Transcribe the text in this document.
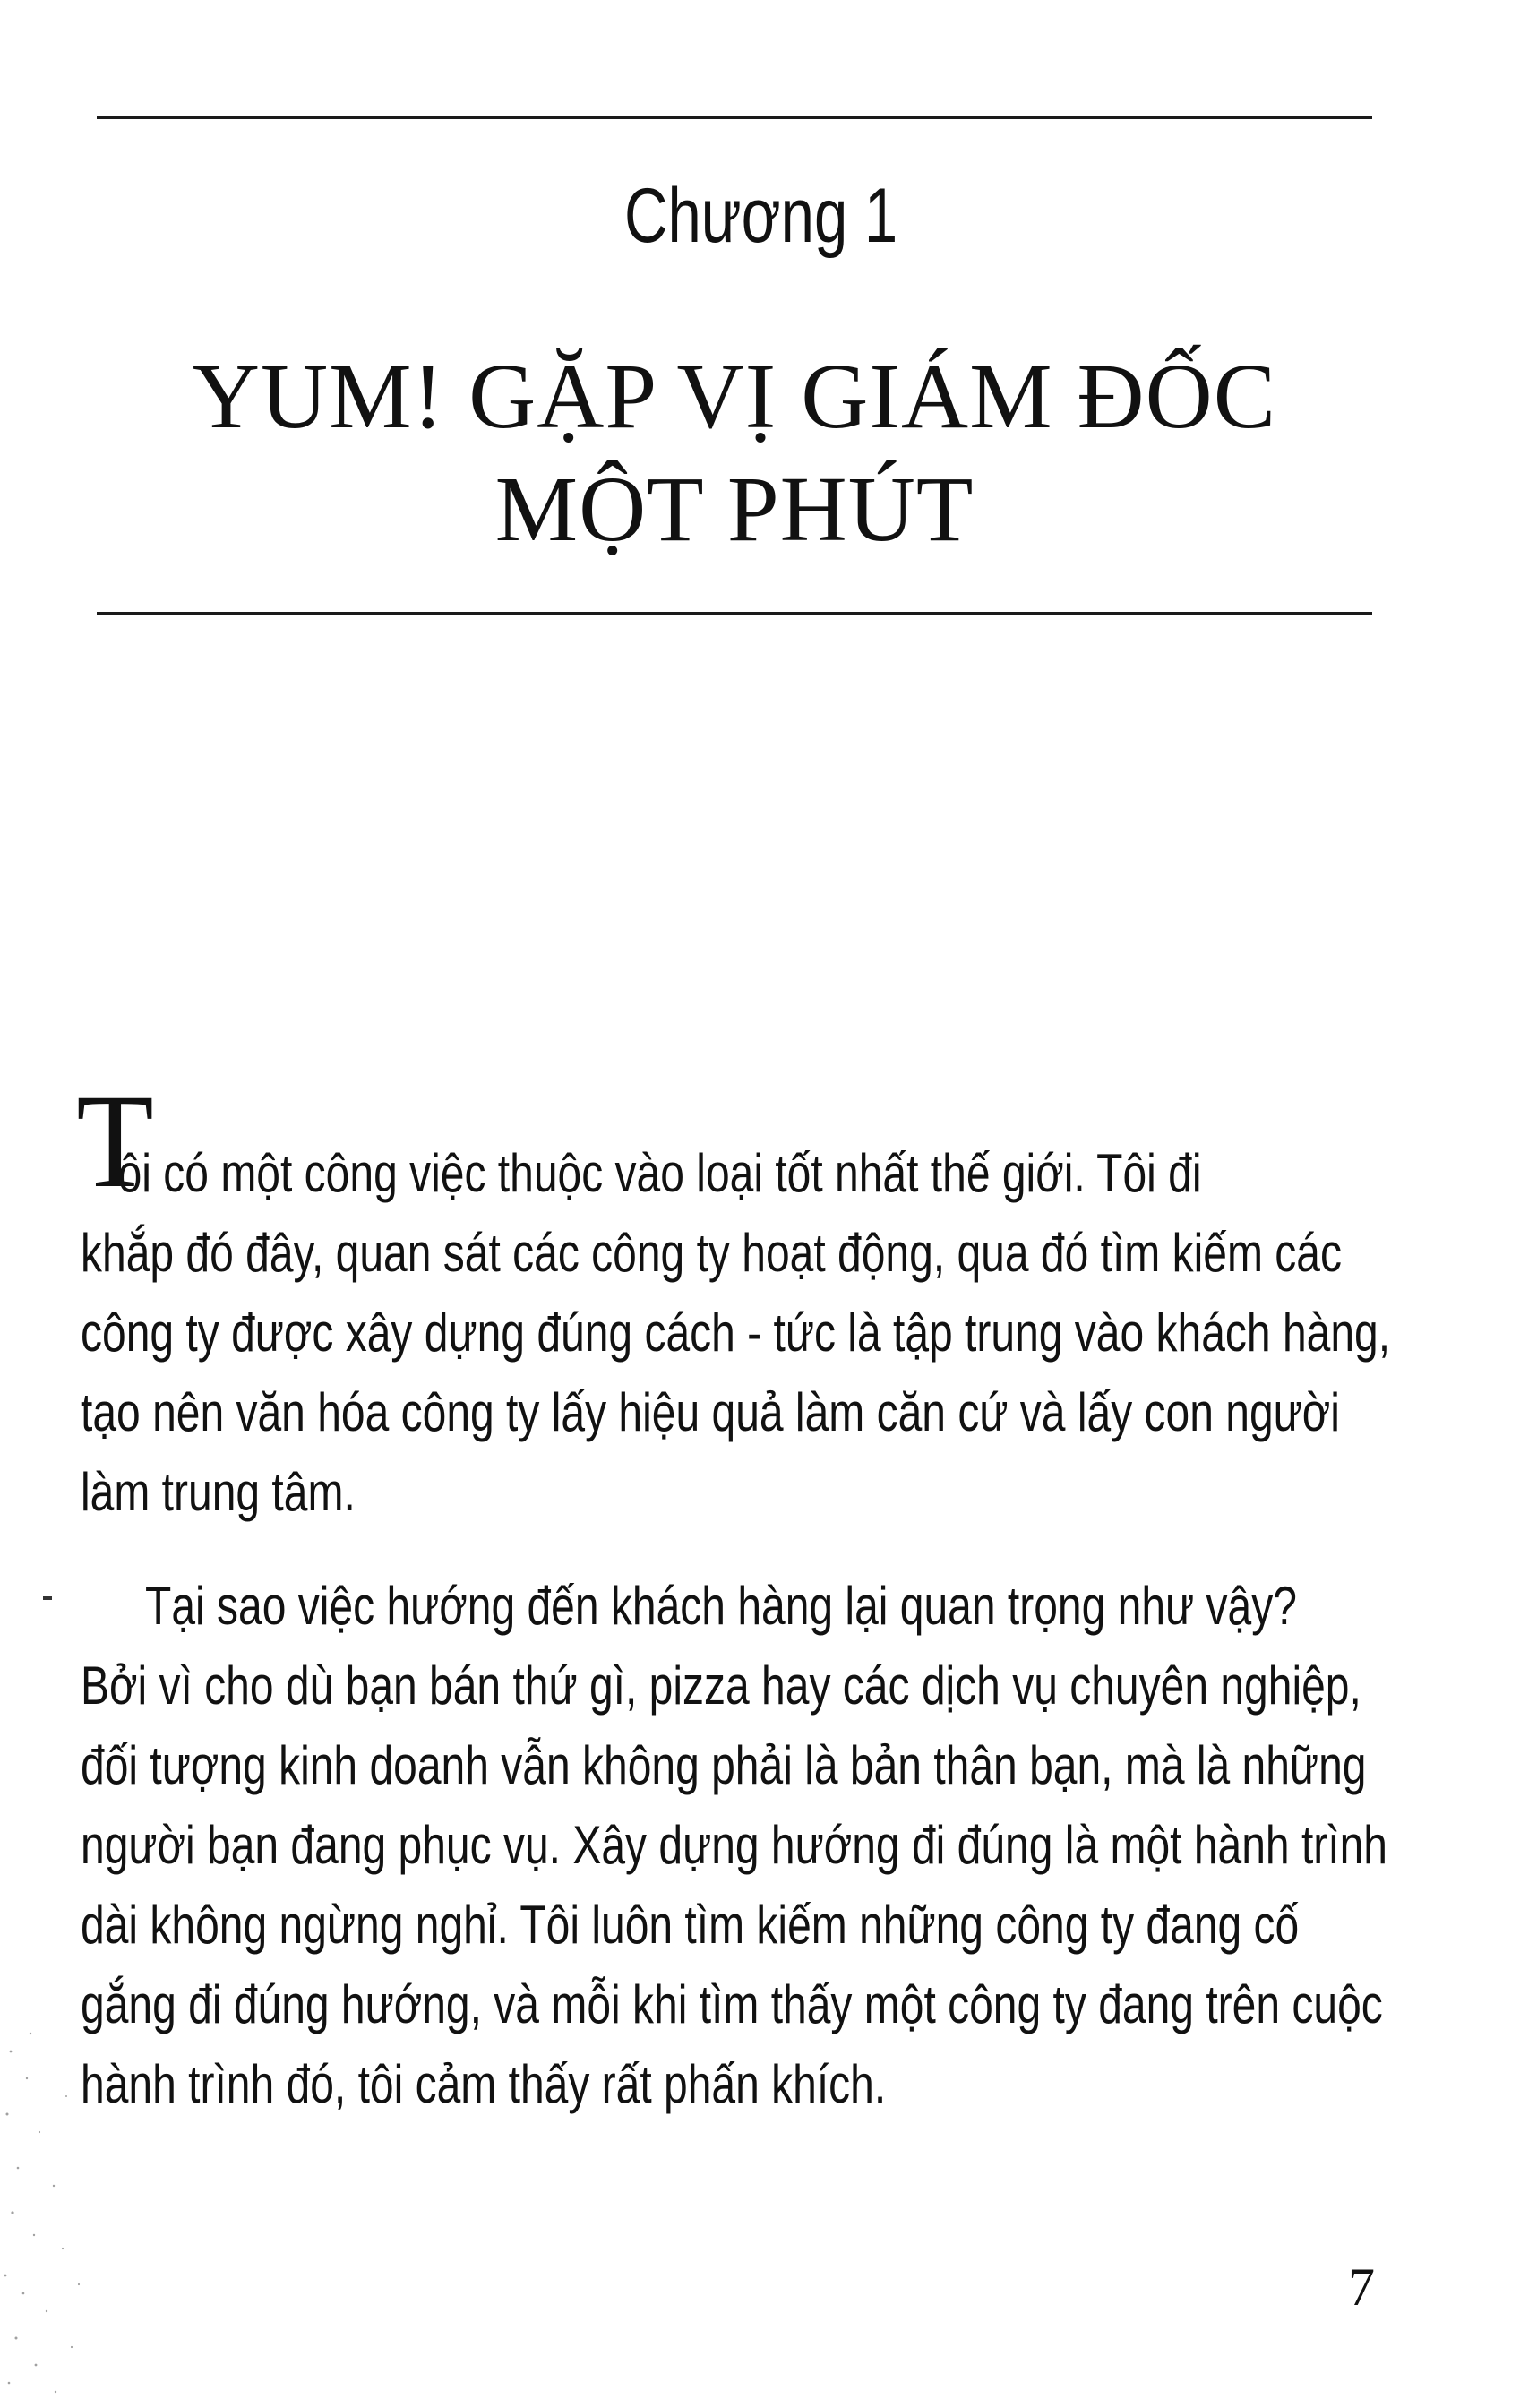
Chương 1
YUM! GẶP VỊ GIÁM ĐỐC
MỘT PHÚT
T
ôi có một công việc thuộc vào loại tốt nhất thế giới. Tôi đi
khắp đó đây, quan sát các công ty hoạt động, qua đó tìm kiếm các
công ty được xây dựng đúng cách - tức là tập trung vào khách hàng,
tạo nên văn hóa công ty lấy hiệu quả làm căn cứ và lấy con người
làm trung tâm.
Tại sao việc hướng đến khách hàng lại quan trọng như vậy?
Bởi vì cho dù bạn bán thứ gì, pizza hay các dịch vụ chuyên nghiệp,
đối tượng kinh doanh vẫn không phải là bản thân bạn, mà là những
người bạn đang phục vụ. Xây dựng hướng đi đúng là một hành trình
dài không ngừng nghỉ. Tôi luôn tìm kiếm những công ty đang cố
gắng đi đúng hướng, và mỗi khi tìm thấy một công ty đang trên cuộc
hành trình đó, tôi cảm thấy rất phấn khích.
7
